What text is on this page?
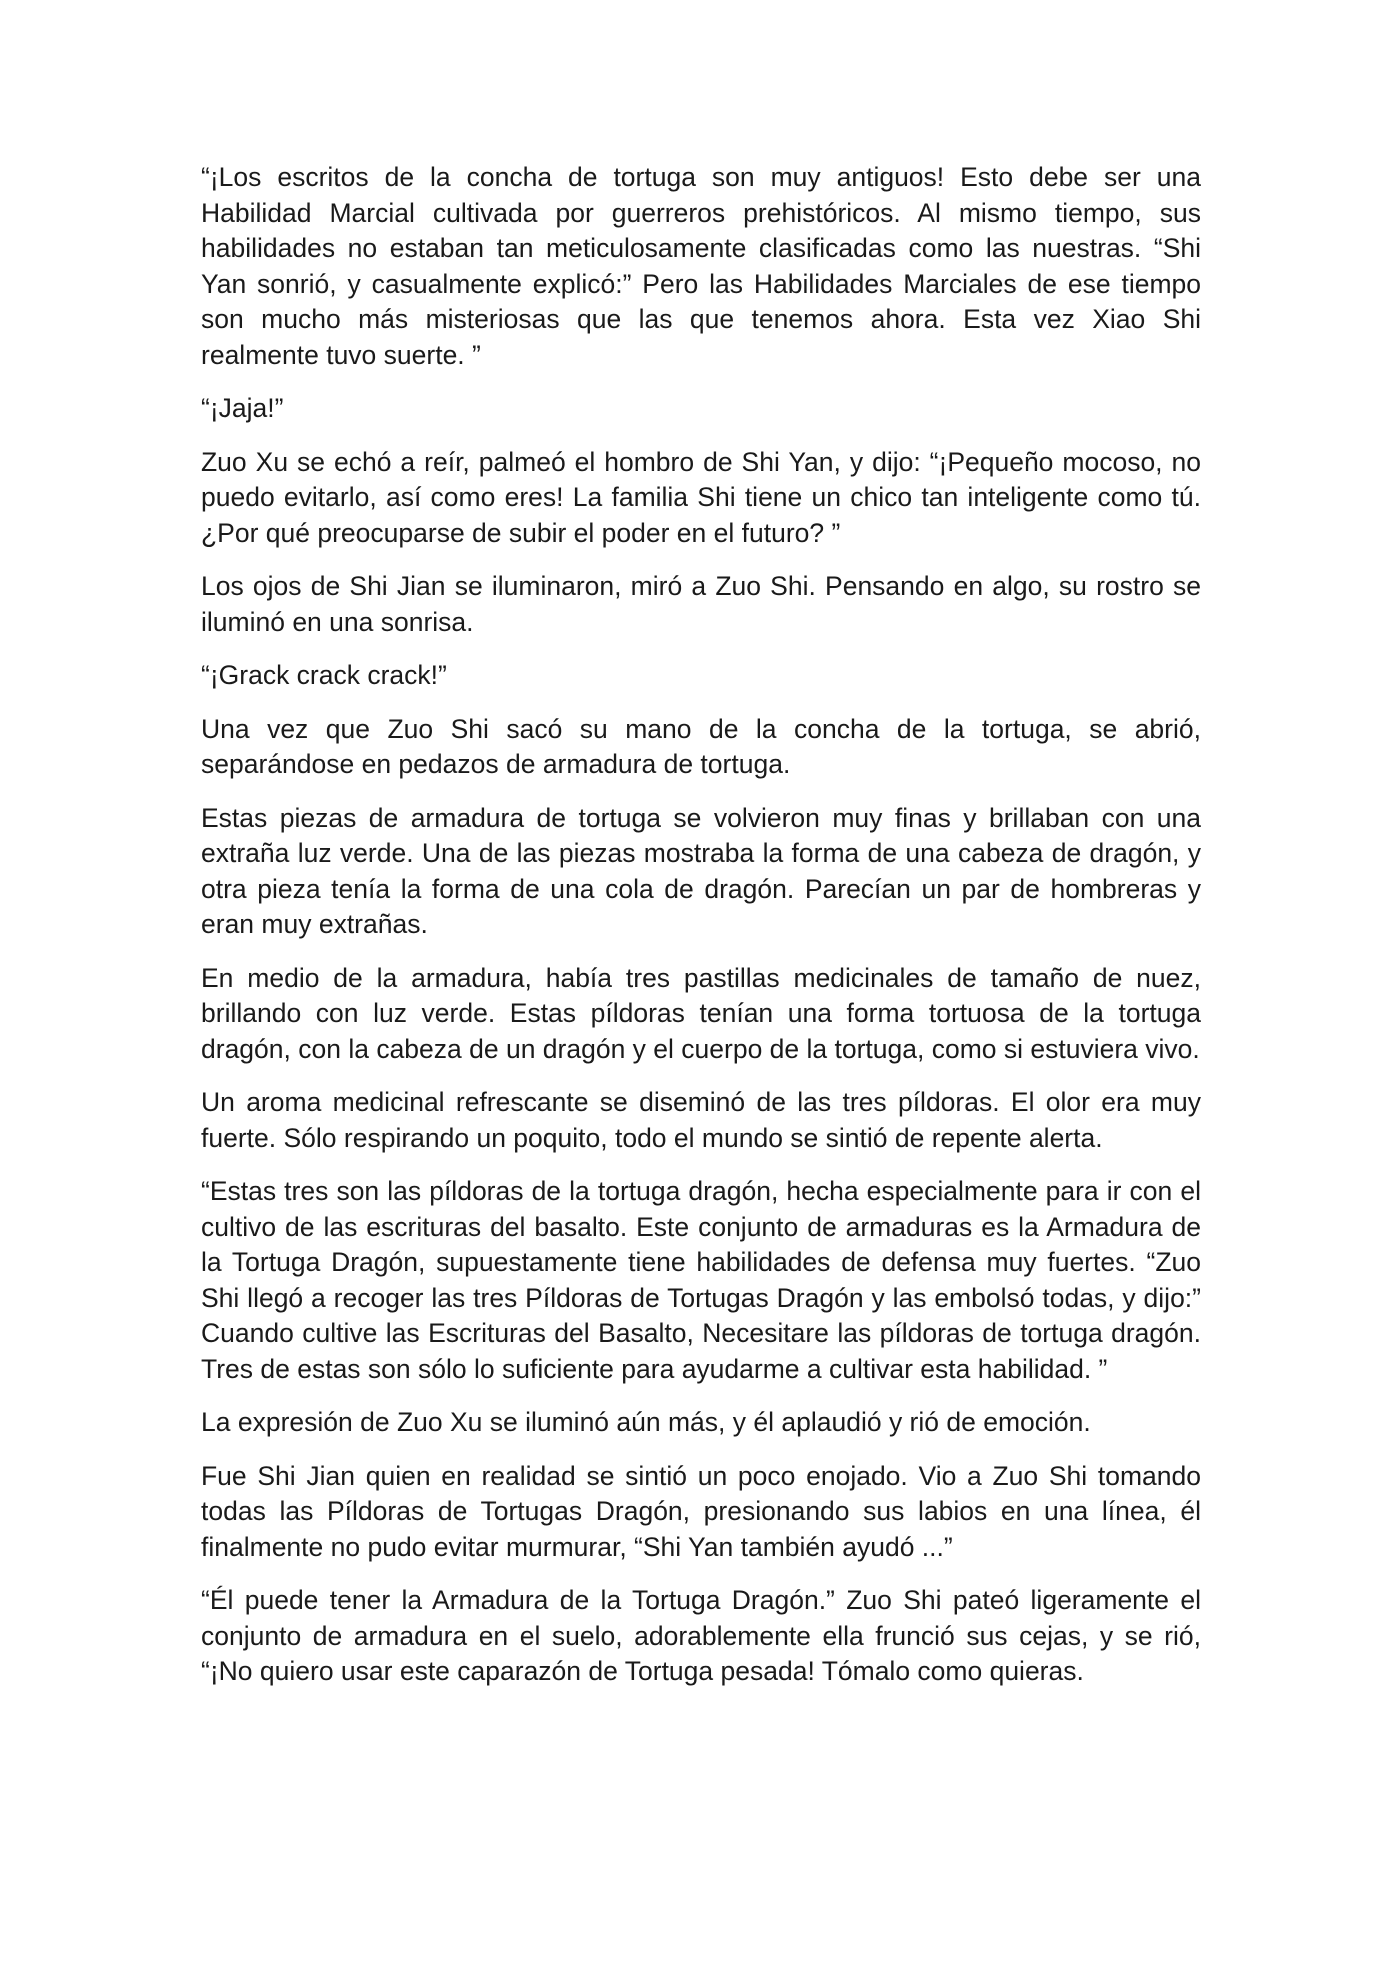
“¡Los escritos de la concha de tortuga son muy antiguos! Esto debe ser una Habilidad Marcial cultivada por guerreros prehistóricos. Al mismo tiempo, sus habilidades no estaban tan meticulosamente clasificadas como las nuestras. “Shi Yan sonrió, y casualmente explicó:” Pero las Habilidades Marciales de ese tiempo son mucho más misteriosas que las que tenemos ahora. Esta vez Xiao Shi realmente tuvo suerte. ”

“¡Jaja!”

Zuo Xu se echó a reír, palmeó el hombro de Shi Yan, y dijo: “¡Pequeño mocoso, no puedo evitarlo, así como eres! La familia Shi tiene un chico tan inteligente como tú. ¿Por qué preocuparse de subir el poder en el futuro? ”

Los ojos de Shi Jian se iluminaron, miró a Zuo Shi. Pensando en algo, su rostro se iluminó en una sonrisa.

“¡Grack crack crack!”

Una vez que Zuo Shi sacó su mano de la concha de la tortuga, se abrió, separándose en pedazos de armadura de tortuga.

Estas piezas de armadura de tortuga se volvieron muy finas y brillaban con una extraña luz verde. Una de las piezas mostraba la forma de una cabeza de dragón, y otra pieza tenía la forma de una cola de dragón. Parecían un par de hombreras y eran muy extrañas.

En medio de la armadura, había tres pastillas medicinales de tamaño de nuez, brillando con luz verde. Estas píldoras tenían una forma tortuosa de la tortuga dragón, con la cabeza de un dragón y el cuerpo de la tortuga, como si estuviera vivo.

Un aroma medicinal refrescante se diseminó de las tres píldoras. El olor era muy fuerte. Sólo respirando un poquito, todo el mundo se sintió de repente alerta.

“Estas tres son las píldoras de la tortuga dragón, hecha especialmente para ir con el cultivo de las escrituras del basalto. Este conjunto de armaduras es la Armadura de la Tortuga Dragón, supuestamente tiene habilidades de defensa muy fuertes. “Zuo Shi llegó a recoger las tres Píldoras de Tortugas Dragón y las embolsó todas, y dijo:” Cuando cultive las Escrituras del Basalto, Necesitare las píldoras de tortuga dragón. Tres de estas son sólo lo suficiente para ayudarme a cultivar esta habilidad. ”

La expresión de Zuo Xu se iluminó aún más, y él aplaudió y rió de emoción.

Fue Shi Jian quien en realidad se sintió un poco enojado. Vio a Zuo Shi tomando todas las Píldoras de Tortugas Dragón, presionando sus labios en una línea, él finalmente no pudo evitar murmurar, “Shi Yan también ayudó ...”

“Él puede tener la Armadura de la Tortuga Dragón.” Zuo Shi pateó ligeramente el conjunto de armadura en el suelo, adorablemente ella frunció sus cejas, y se rió, “¡No quiero usar este caparazón de Tortuga pesada! Tómalo como quieras.
